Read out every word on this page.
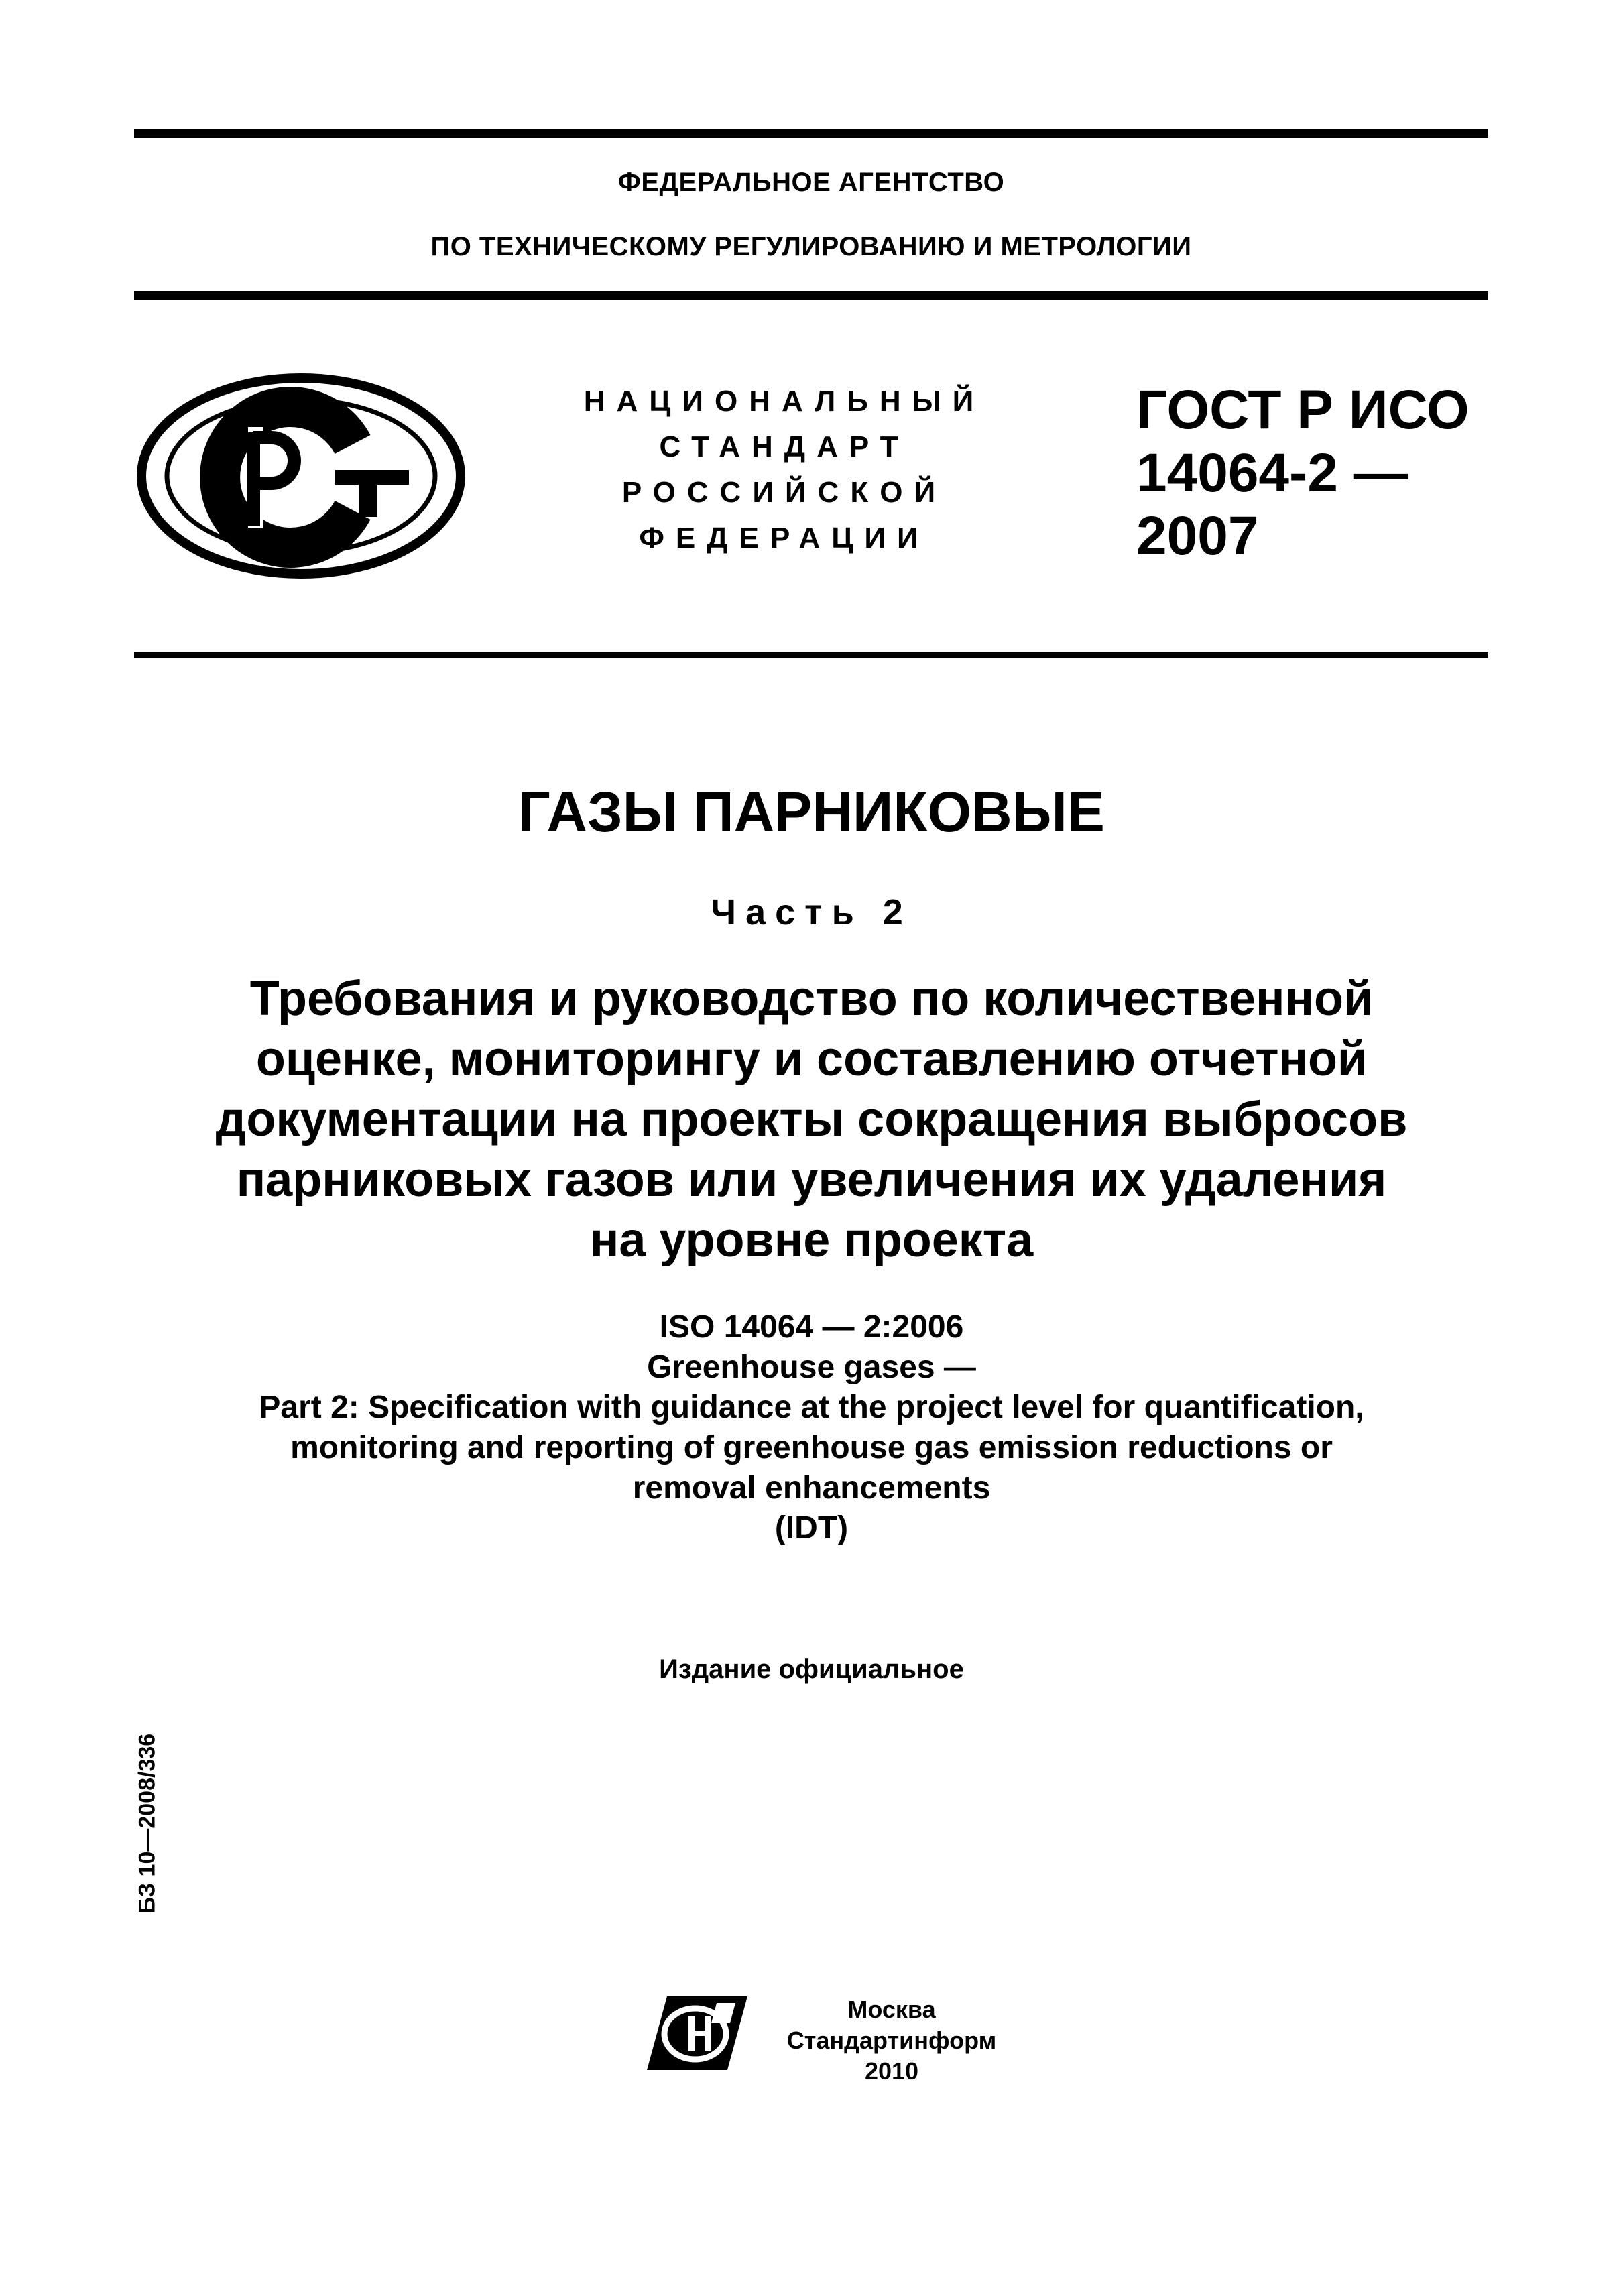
ФЕДЕРАЛЬНОЕ АГЕНТСТВО
ПО ТЕХНИЧЕСКОМУ РЕГУЛИРОВАНИЮ И МЕТРОЛОГИИ
НАЦИОНАЛЬНЫЙ
СТАНДАРТ
РОССИЙСКОЙ
ФЕДЕРАЦИИ
ГОСТ Р ИСО
14064-2 —
2007
ГАЗЫ ПАРНИКОВЫЕ
Часть 2
Требования и руководство по количественной
оценке, мониторингу и составлению отчетной
документации на проекты сокращения выбросов
парниковых газов или увеличения их удаления
на уровне проекта
ISO 14064 — 2:2006
Greenhouse gases —
Part 2: Specification with guidance at the project level for quantification,
monitoring and reporting of greenhouse gas emission reductions or
removal enhancements
(IDT)
Издание официальное
БЗ 10—2008/336
Москва
Стандартинформ
2010
